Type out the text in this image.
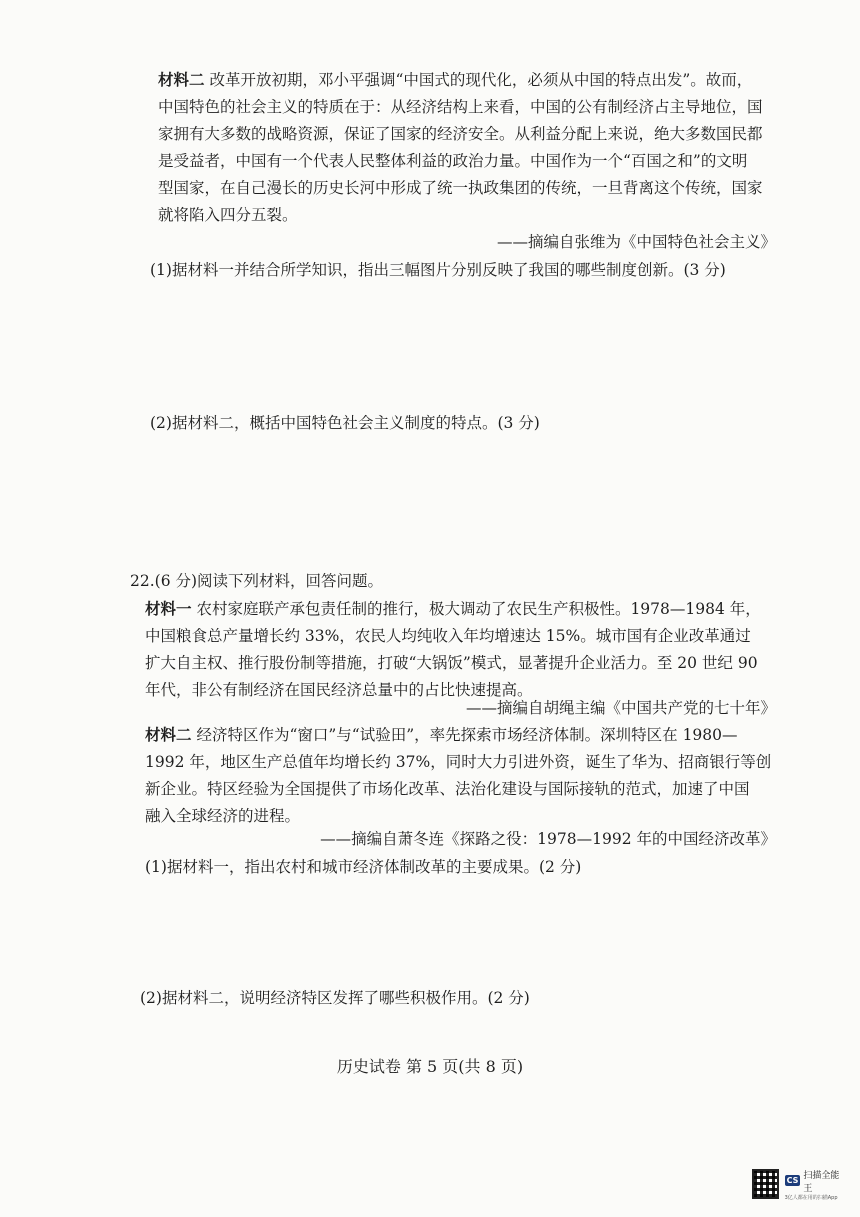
材料二 改革开放初期，邓小平强调“中国式的现代化，必须从中国的特点出发”。故而，
中国特色的社会主义的特质在于：从经济结构上来看，中国的公有制经济占主导地位，国
家拥有大多数的战略资源，保证了国家的经济安全。从利益分配上来说，绝大多数国民都
是受益者，中国有一个代表人民整体利益的政治力量。中国作为一个“百国之和”的文明
型国家，在自己漫长的历史长河中形成了统一执政集团的传统，一旦背离这个传统，国家
就将陷入四分五裂。
——摘编自张维为《中国特色社会主义》
(1)据材料一并结合所学知识，指出三幅图片分别反映了我国的哪些制度创新。(3 分)
(2)据材料二，概括中国特色社会主义制度的特点。(3 分)
22.(6 分)阅读下列材料，回答问题。
材料一 农村家庭联产承包责任制的推行，极大调动了农民生产积极性。1978—1984 年，
中国粮食总产量增长约 33%，农民人均纯收入年均增速达 15%。城市国有企业改革通过
扩大自主权、推行股份制等措施，打破“大锅饭”模式，显著提升企业活力。至 20 世纪 90
年代，非公有制经济在国民经济总量中的占比快速提高。
——摘编自胡绳主编《中国共产党的七十年》
材料二 经济特区作为“窗口”与“试验田”，率先探索市场经济体制。深圳特区在 1980—
1992 年，地区生产总值年均增长约 37%，同时大力引进外资，诞生了华为、招商银行等创
新企业。特区经验为全国提供了市场化改革、法治化建设与国际接轨的范式，加速了中国
融入全球经济的进程。
——摘编自萧冬连《探路之役：1978—1992 年的中国经济改革》
(1)据材料一，指出农村和城市经济体制改革的主要成果。(2 分)
(2)据材料二，说明经济特区发挥了哪些积极作用。(2 分)
历史试卷 第 5 页(共 8 页)
CS 扫描全能王
3亿人都在用的扫描App
